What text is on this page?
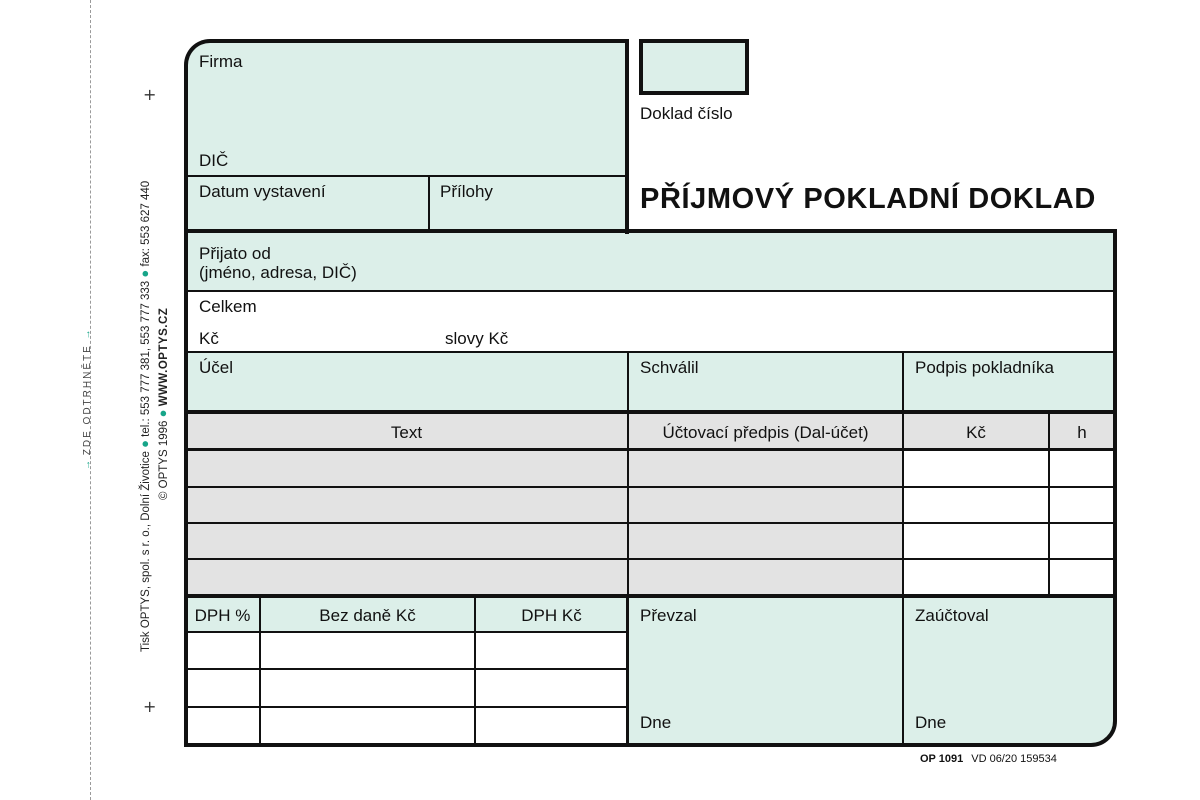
+
+
→ ZDE ODTRHNĚTE →
Tisk OPTYS, spol. s r. o., Dolní Životice ● tel.: 553 777 381, 553 777 333 ● fax: 553 627 440
© OPTYS 1996 ● WWW.OPTYS.CZ
Firma
DIČ
Datum vystavení	Přílohy
Doklad číslo
PŘÍJMOVÝ POKLADNÍ DOKLAD
Přijato od
(jméno, adresa, DIČ)
Celkem
Kč	slovy Kč
Účel	Schválil	Podpis pokladníka
Text	Účtovací předpis (Dal-účet)	Kč	h
DPH %	Bez daně Kč	DPH Kč	Převzal	Zaúčtoval
Dne	Dne
OP 1091 VD 06/20 159534
